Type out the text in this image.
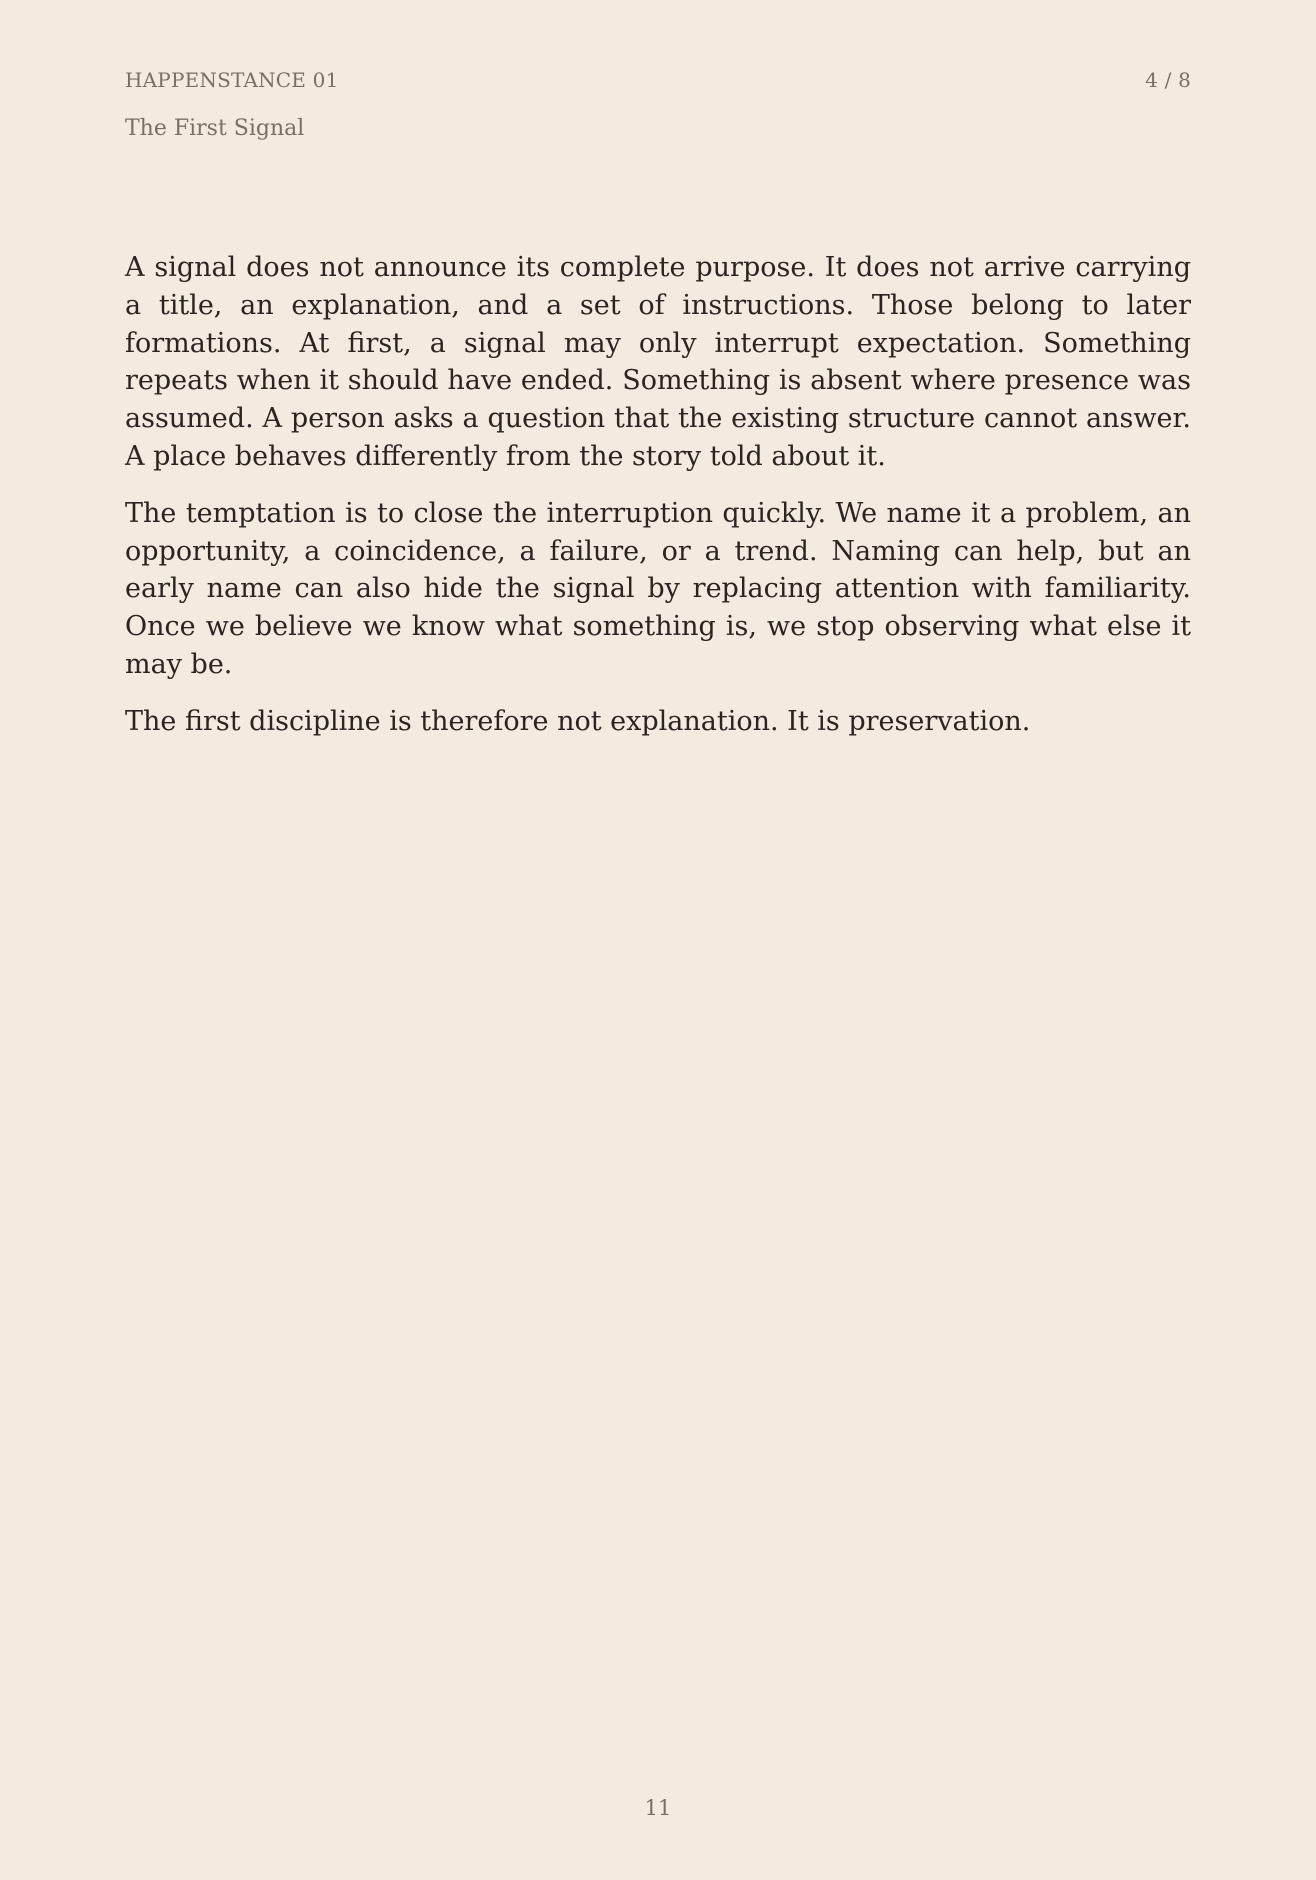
HAPPENSTANCE 01	4 / 8
The First Signal

A signal does not announce its complete purpose. It does not arrive carrying a title, an explanation, and a set of instructions. Those belong to later formations. At first, a signal may only interrupt expectation. Something repeats when it should have ended. Something is absent where presence was assumed. A person asks a question that the existing structure cannot answer. A place behaves differently from the story told about it.

The temptation is to close the interruption quickly. We name it a problem, an opportunity, a coincidence, a failure, or a trend. Naming can help, but an early name can also hide the signal by replacing attention with familiarity. Once we believe we know what something is, we stop observing what else it may be.

The first discipline is therefore not explanation. It is preservation.

11
